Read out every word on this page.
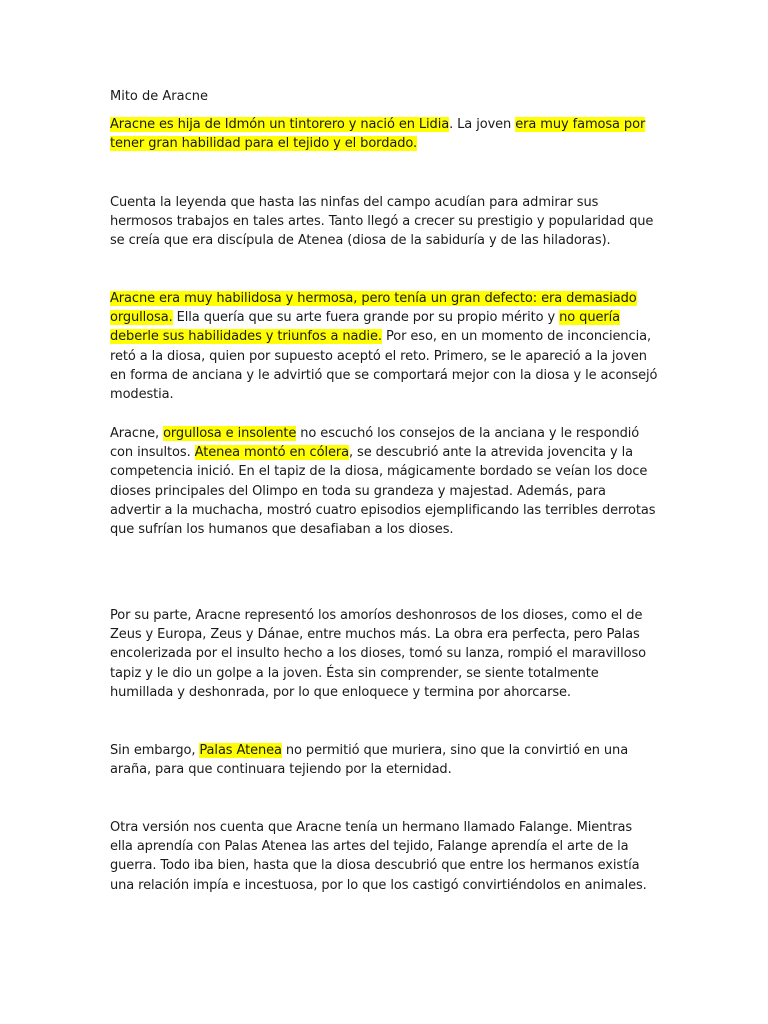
Mito de Aracne

Aracne es hija de Idmón un tintorero y nació en Lidia. La joven era muy famosa por tener gran habilidad para el tejido y el bordado.

Cuenta la leyenda que hasta las ninfas del campo acudían para admirar sus hermosos trabajos en tales artes. Tanto llegó a crecer su prestigio y popularidad que se creía que era discípula de Atenea (diosa de la sabiduría y de las hiladoras).

Aracne era muy habilidosa y hermosa, pero tenía un gran defecto: era demasiado orgullosa. Ella quería que su arte fuera grande por su propio mérito y no quería deberle sus habilidades y triunfos a nadie. Por eso, en un momento de inconciencia, retó a la diosa, quien por supuesto aceptó el reto. Primero, se le apareció a la joven en forma de anciana y le advirtió que se comportará mejor con la diosa y le aconsejó modestia.

Aracne, orgullosa e insolente no escuchó los consejos de la anciana y le respondió con insultos. Atenea montó en cólera, se descubrió ante la atrevida jovencita y la competencia inició. En el tapiz de la diosa, mágicamente bordado se veían los doce dioses principales del Olimpo en toda su grandeza y majestad. Además, para advertir a la muchacha, mostró cuatro episodios ejemplificando las terribles derrotas que sufrían los humanos que desafiaban a los dioses.

Por su parte, Aracne representó los amoríos deshonrosos de los dioses, como el de Zeus y Europa, Zeus y Dánae, entre muchos más. La obra era perfecta, pero Palas encolerizada por el insulto hecho a los dioses, tomó su lanza, rompió el maravilloso tapiz y le dio un golpe a la joven. Ésta sin comprender, se siente totalmente humillada y deshonrada, por lo que enloquece y termina por ahorcarse.

Sin embargo, Palas Atenea no permitió que muriera, sino que la convirtió en una araña, para que continuara tejiendo por la eternidad.

Otra versión nos cuenta que Aracne tenía un hermano llamado Falange. Mientras ella aprendía con Palas Atenea las artes del tejido, Falange aprendía el arte de la guerra. Todo iba bien, hasta que la diosa descubrió que entre los hermanos existía una relación impía e incestuosa, por lo que los castigó convirtiéndolos en animales.
